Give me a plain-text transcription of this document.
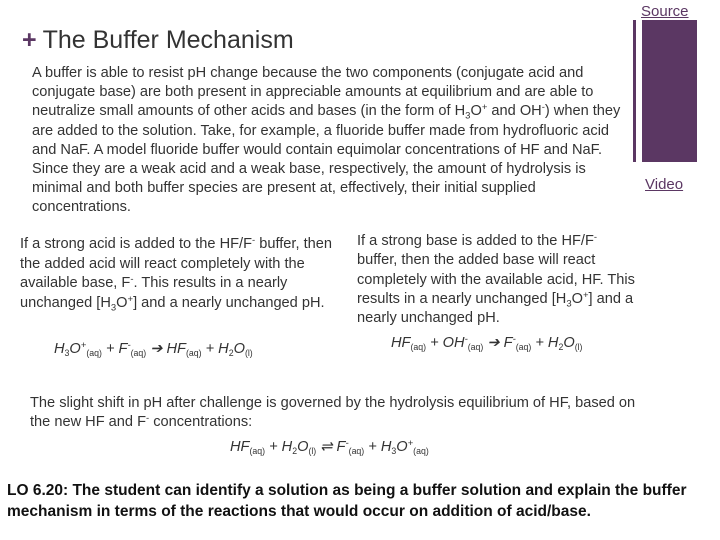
Source
Video
+ The Buffer Mechanism
A buffer is able to resist pH change because the two components (conjugate acid and conjugate base) are both present in appreciable amounts at equilibrium and are able to neutralize small amounts of other acids and bases (in the form of $H_3O^+$ and OH-) when they are added to the solution. Take, for example, a fluoride buffer made from hydrofluoric acid and NaF. A model fluoride buffer would contain equimolar concentrations of HF and NaF. Since they are a weak acid and a weak base, respectively, the amount of hydrolysis is minimal and both buffer species are present at, effectively, their initial supplied concentrations.
If a strong acid is added to the HF/F- buffer, then the added acid will react completely with the available base, F-. This results in a nearly unchanged $[H_3O^+]$ and a nearly unchanged pH.
$H_3O^+_{(aq)} + F^-_{(aq)}$ ➔ $HF_{(aq)} + H_2O_{(l)}$
If a strong base is added to the HF/F- buffer, then the added base will react completely with the available acid, HF. This results in a nearly unchanged $[H_3O^+]$ and a nearly unchanged pH.
$HF_{(aq)} + OH^-_{(aq)}$ ➔ $F^-_{(aq)} + H_2O_{(l)}$
The slight shift in pH after challenge is governed by the hydrolysis equilibrium of HF, based on the new HF and F- concentrations:
$HF_{(aq)} + H_2O_{(l)}$ ⇌ $F^-_{(aq)} + H_3O^+_{(aq)}$
LO 6.20: The student can identify a solution as being a buffer solution and explain the buffer mechanism in terms of the reactions that would occur on addition of acid/base.
